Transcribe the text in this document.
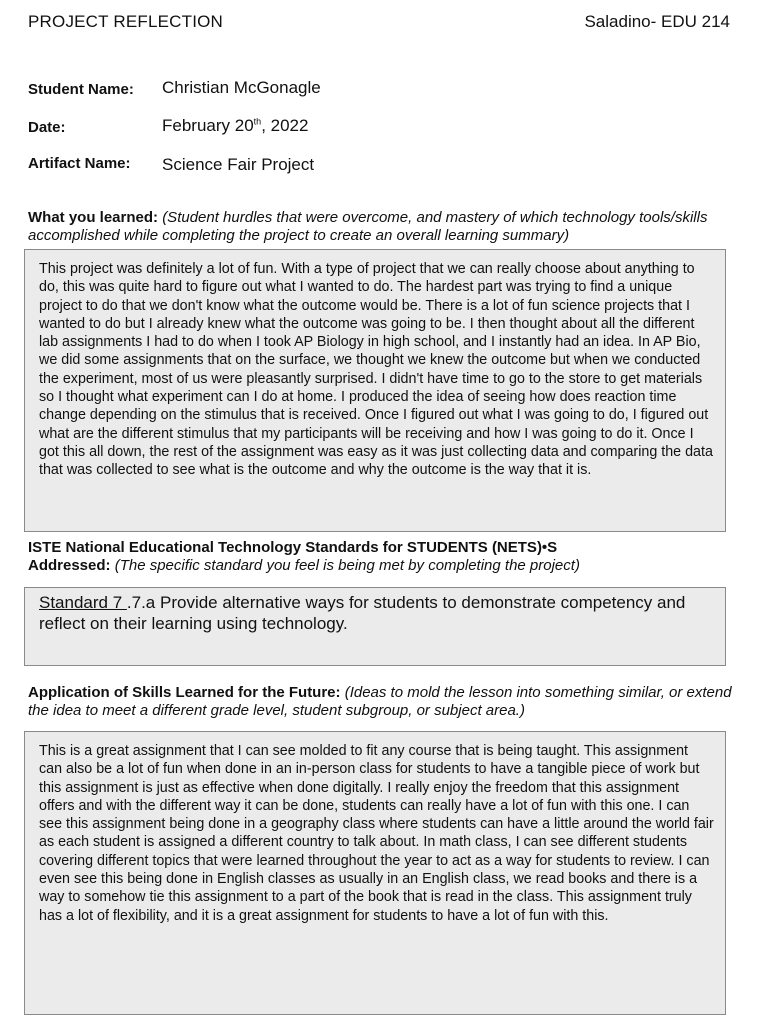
PROJECT REFLECTION	Saladino- EDU 214
Student Name: Christian McGonagle
Date:	February 20th, 2022
Artifact Name: Science Fair Project
What you learned: (Student hurdles that were overcome, and mastery of which technology tools/skills accomplished while completing the project to create an overall learning summary)
This project was definitely a lot of fun. With a type of project that we can really choose about anything to do, this was quite hard to figure out what I wanted to do. The hardest part was trying to find a unique project to do that we don't know what the outcome would be. There is a lot of fun science projects that I wanted to do but I already knew what the outcome was going to be. I then thought about all the different lab assignments I had to do when I took AP Biology in high school, and I instantly had an idea. In AP Bio, we did some assignments that on the surface, we thought we knew the outcome but when we conducted the experiment, most of us were pleasantly surprised. I didn't have time to go to the store to get materials so I thought what experiment can I do at home. I produced the idea of seeing how does reaction time change depending on the stimulus that is received. Once I figured out what I was going to do, I figured out what are the different stimulus that my participants will be receiving and how I was going to do it. Once I got this all down, the rest of the assignment was easy as it was just collecting data and comparing the data that was collected to see what is the outcome and why the outcome is the way that it is.
ISTE National Educational Technology Standards for STUDENTS (NETS)•S
Addressed: (The specific standard you feel is being met by completing the project)
Standard 7 .7.a Provide alternative ways for students to demonstrate competency and reflect on their learning using technology.
Application of Skills Learned for the Future: (Ideas to mold the lesson into something similar, or extend the idea to meet a different grade level, student subgroup, or subject area.)
This is a great assignment that I can see molded to fit any course that is being taught. This assignment can also be a lot of fun when done in an in-person class for students to have a tangible piece of work but this assignment is just as effective when done digitally. I really enjoy the freedom that this assignment offers and with the different way it can be done, students can really have a lot of fun with this one. I can see this assignment being done in a geography class where students can have a little around the world fair as each student is assigned a different country to talk about. In math class, I can see different students covering different topics that were learned throughout the year to act as a way for students to review. I can even see this being done in English classes as usually in an English class, we read books and there is a way to somehow tie this assignment to a part of the book that is read in the class. This assignment truly has a lot of flexibility, and it is a great assignment for students to have a lot of fun with this.
